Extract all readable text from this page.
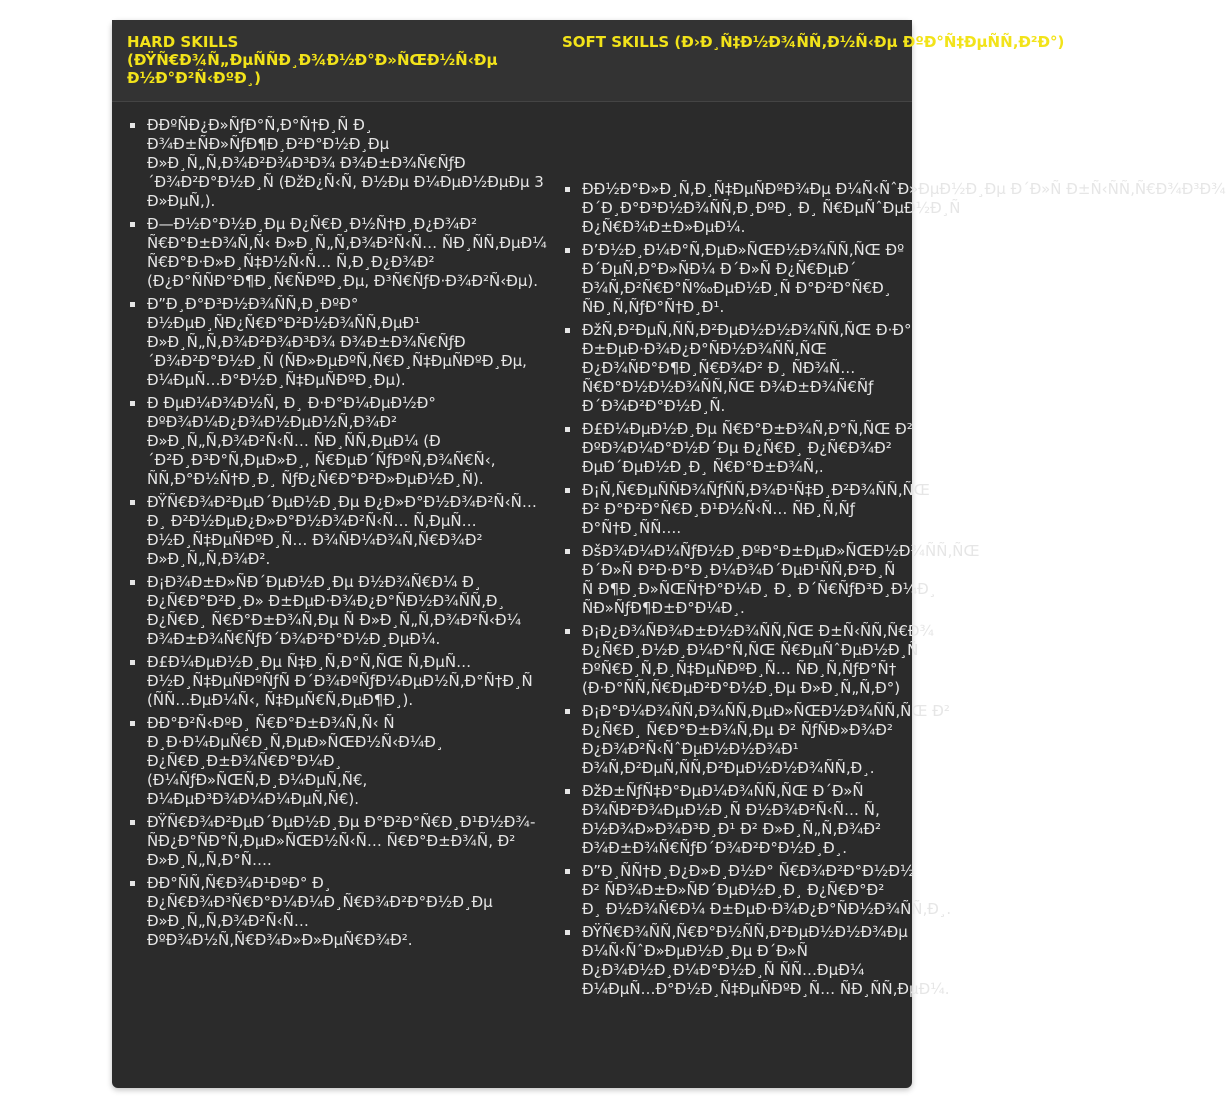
HARD SKILLS (ĐŸÑ€Đ¾Ñ„ĐµÑÑĐ¸Đ¾Đ½Đ°Đ»ÑŒĐ½Ñ‹Đµ Đ½Đ°Đ²Ñ‹ĐºĐ¸)
SOFT SKILLS (Đ›Đ¸Ñ‡Đ½Đ¾ÑÑ‚Đ½Ñ‹Đµ ĐºĐ°Ñ‡ĐµÑÑ‚Đ²Đ°)
ĐĐºÑĐ¿Đ»ÑƒĐ°Ñ‚Đ°Ñ†Đ¸Ñ Đ¸ Đ¾Đ±ÑĐ»ÑƒĐ¶Đ¸Đ²Đ°Đ½Đ¸Đµ Đ»Đ¸Ñ„Ñ‚Đ¾Đ²Đ¾Đ³Đ¾ Đ¾Đ±Đ¾Ñ€ÑƒĐ´Đ¾Đ²Đ°Đ½Đ¸Ñ (ĐžĐ¿Ñ‹Ñ‚ Đ½Đµ Đ¼ĐµĐ½ĐµĐµ 3 Đ»ĐµÑ‚).
Đ—Đ½Đ°Đ½Đ¸Đµ Đ¿Ñ€Đ¸Đ½Ñ†Đ¸Đ¿Đ¾Đ² Ñ€Đ°Đ±Đ¾Ñ‚Ñ‹ Đ»Đ¸Ñ„Ñ‚Đ¾Đ²Ñ‹Ñ… ÑĐ¸ÑÑ‚ĐµĐ¼ Ñ€Đ°Đ·Đ»Đ¸Ñ‡Đ½Ñ‹Ñ… Ñ‚Đ¸Đ¿Đ¾Đ² (Đ¿Đ°ÑÑĐ°Đ¶Đ¸Ñ€ÑĐºĐ¸Đµ, Đ³Ñ€ÑƒĐ·Đ¾Đ²Ñ‹Đµ).
Đ”Đ¸Đ°Đ³Đ½Đ¾ÑÑ‚Đ¸ĐºĐ° Đ½ĐµĐ¸ÑĐ¿Ñ€Đ°Đ²Đ½Đ¾ÑÑ‚ĐµĐ¹ Đ»Đ¸Ñ„Ñ‚Đ¾Đ²Đ¾Đ³Đ¾ Đ¾Đ±Đ¾Ñ€ÑƒĐ´Đ¾Đ²Đ°Đ½Đ¸Ñ (ÑĐ»ĐµĐºÑ‚Ñ€Đ¸Ñ‡ĐµÑĐºĐ¸Đµ, Đ¼ĐµÑ…Đ°Đ½Đ¸Ñ‡ĐµÑĐºĐ¸Đµ).
Đ ĐµĐ¼Đ¾Đ½Ñ‚ Đ¸ Đ·Đ°Đ¼ĐµĐ½Đ° ĐºĐ¾Đ¼Đ¿Đ¾Đ½ĐµĐ½Ñ‚Đ¾Đ² Đ»Đ¸Ñ„Ñ‚Đ¾Đ²Ñ‹Ñ… ÑĐ¸ÑÑ‚ĐµĐ¼ (Đ´Đ²Đ¸Đ³Đ°Ñ‚ĐµĐ»Đ¸, Ñ€ĐµĐ´ÑƒĐºÑ‚Đ¾Ñ€Ñ‹, ÑÑ‚Đ°Đ½Ñ†Đ¸Đ¸ ÑƒĐ¿Ñ€Đ°Đ²Đ»ĐµĐ½Đ¸Ñ).
ĐŸÑ€Đ¾Đ²ĐµĐ´ĐµĐ½Đ¸Đµ Đ¿Đ»Đ°Đ½Đ¾Đ²Ñ‹Ñ… Đ¸ Đ²Đ½ĐµĐ¿Đ»Đ°Đ½Đ¾Đ²Ñ‹Ñ… Ñ‚ĐµÑ…Đ½Đ¸Ñ‡ĐµÑĐºĐ¸Ñ… Đ¾ÑĐ¼Đ¾Ñ‚Ñ€Đ¾Đ² Đ»Đ¸Ñ„Ñ‚Đ¾Đ².
Đ¡Đ¾Đ±Đ»ÑĐ´ĐµĐ½Đ¸Đµ Đ½Đ¾Ñ€Đ¼ Đ¸ Đ¿Ñ€Đ°Đ²Đ¸Đ» Đ±ĐµĐ·Đ¾Đ¿Đ°ÑĐ½Đ¾ÑÑ‚Đ¸ Đ¿Ñ€Đ¸ Ñ€Đ°Đ±Đ¾Ñ‚Đµ Ñ Đ»Đ¸Ñ„Ñ‚Đ¾Đ²Ñ‹Đ¼ Đ¾Đ±Đ¾Ñ€ÑƒĐ´Đ¾Đ²Đ°Đ½Đ¸ĐµĐ¼.
Đ£Đ¼ĐµĐ½Đ¸Đµ Ñ‡Đ¸Ñ‚Đ°Ñ‚ÑŒ Ñ‚ĐµÑ…Đ½Đ¸Ñ‡ĐµÑĐºÑƒÑ Đ´Đ¾ĐºÑƒĐ¼ĐµĐ½Ñ‚Đ°Ñ†Đ¸Ñ (ÑÑ…ĐµĐ¼Ñ‹, Ñ‡ĐµÑ€Ñ‚ĐµĐ¶Đ¸).
ĐĐ°Đ²Ñ‹ĐºĐ¸ Ñ€Đ°Đ±Đ¾Ñ‚Ñ‹ Ñ Đ¸Đ·Đ¼ĐµÑ€Đ¸Ñ‚ĐµĐ»ÑŒĐ½Ñ‹Đ¼Đ¸ Đ¿Ñ€Đ¸Đ±Đ¾Ñ€Đ°Đ¼Đ¸ (Đ¼ÑƒĐ»ÑŒÑ‚Đ¸Đ¼ĐµÑ‚Ñ€, Đ¼ĐµĐ³Đ¾Đ¼Đ¼ĐµÑ‚Ñ€).
ĐŸÑ€Đ¾Đ²ĐµĐ´ĐµĐ½Đ¸Đµ Đ°Đ²Đ°Ñ€Đ¸Đ¹Đ½Đ¾-ÑĐ¿Đ°ÑĐ°Ñ‚ĐµĐ»ÑŒĐ½Ñ‹Ñ… Ñ€Đ°Đ±Đ¾Ñ‚ Đ² Đ»Đ¸Ñ„Ñ‚Đ°Ñ….
ĐĐ°ÑÑ‚Ñ€Đ¾Đ¹ĐºĐ° Đ¸ Đ¿Ñ€Đ¾Đ³Ñ€Đ°Đ¼Đ¼Đ¸Ñ€Đ¾Đ²Đ°Đ½Đ¸Đµ Đ»Đ¸Ñ„Ñ‚Đ¾Đ²Ñ‹Ñ… ĐºĐ¾Đ½Ñ‚Ñ€Đ¾Đ»Đ»ĐµÑ€Đ¾Đ².
ĐĐ½Đ°Đ»Đ¸Ñ‚Đ¸Ñ‡ĐµÑĐºĐ¾Đµ Đ¼Ñ‹ÑˆĐ»ĐµĐ½Đ¸Đµ Đ´Đ»Ñ Đ±Ñ‹ÑÑ‚Ñ€Đ¾Đ³Đ¾
Đ´Đ¸Đ°Đ³Đ½Đ¾ÑÑ‚Đ¸ĐºĐ¸ Đ¸ Ñ€ĐµÑˆĐµĐ½Đ¸Ñ
Đ¿Ñ€Đ¾Đ±Đ»ĐµĐ¼.
Đ’Đ½Đ¸Đ¼Đ°Ñ‚ĐµĐ»ÑŒĐ½Đ¾ÑÑ‚ÑŒ Đº
Đ´ĐµÑ‚Đ°Đ»ÑĐ¼ Đ´Đ»Ñ Đ¿Ñ€ĐµĐ´
Đ¾Ñ‚Đ²Ñ€Đ°Ñ‰ĐµĐ½Đ¸Ñ Đ°Đ²Đ°Ñ€Đ¸
ÑĐ¸Ñ‚ÑƒĐ°Ñ†Đ¸Đ¹.
ĐžÑ‚Đ²ĐµÑ‚ÑÑ‚Đ²ĐµĐ½Đ½Đ¾ÑÑ‚ÑŒ Đ·Đ°
Đ±ĐµĐ·Đ¾Đ¿Đ°ÑĐ½Đ¾ÑÑ‚ÑŒ
Đ¿Đ¾ÑĐ°Đ¶Đ¸Ñ€Đ¾Đ² Đ¸ ÑĐ¾Ñ…
Ñ€Đ°Đ½Đ½Đ¾ÑÑ‚ÑŒ Đ¾Đ±Đ¾Ñ€Ñƒ
Đ´Đ¾Đ²Đ°Đ½Đ¸Ñ.
Đ£Đ¼ĐµĐ½Đ¸Đµ Ñ€Đ°Đ±Đ¾Ñ‚Đ°Ñ‚ÑŒ Đ²
ĐºĐ¾Đ¼Đ°Đ½Đ´Đµ Đ¿Ñ€Đ¸ Đ¿Ñ€Đ¾Đ²
ĐµĐ´ĐµĐ½Đ¸Đ¸ Ñ€Đ°Đ±Đ¾Ñ‚.
Đ¡Ñ‚Ñ€ĐµÑÑĐ¾ÑƒÑÑ‚Đ¾Đ¹Ñ‡Đ¸Đ²Đ¾ÑÑ‚ÑŒ
Đ² Đ°Đ²Đ°Ñ€Đ¸Đ¹Đ½Ñ‹Ñ… ÑĐ¸Ñ‚Ñƒ
Đ°Ñ†Đ¸ÑÑ….
ĐšĐ¾Đ¼Đ¼ÑƒĐ½Đ¸ĐºĐ°Đ±ĐµĐ»ÑŒĐ½Đ¾ÑÑ‚ÑŒ
Đ´Đ»Ñ Đ²Đ·Đ°Đ¸Đ¼Đ¾Đ´ĐµĐ¹ÑÑ‚Đ²Đ¸Ñ
Ñ Đ¶Đ¸Đ»ÑŒÑ†Đ°Đ¼Đ¸ Đ¸ Đ´Ñ€ÑƒĐ³Đ¸Đ¼Đ¸
ÑĐ»ÑƒĐ¶Đ±Đ°Đ¼Đ¸.
Đ¡Đ¿Đ¾ÑĐ¾Đ±Đ½Đ¾ÑÑ‚ÑŒ Đ±Ñ‹ÑÑ‚Ñ€Đ¾
Đ¿Ñ€Đ¸Đ½Đ¸Đ¼Đ°Ñ‚ÑŒ Ñ€ĐµÑˆĐµĐ½Đ¸Ñ
ĐºÑ€Đ¸Ñ‚Đ¸Ñ‡ĐµÑĐºĐ¸Ñ… ÑĐ¸Ñ‚ÑƒĐ°Ñ†
(Đ·Đ°ÑÑ‚Ñ€ĐµĐ²Đ°Đ½Đ¸Đµ Đ»Đ¸Ñ„Ñ‚Đ°)
Đ¡Đ°Đ¼Đ¾ÑÑ‚Đ¾ÑÑ‚ĐµĐ»ÑŒĐ½Đ¾ÑÑ‚ÑŒ Đ²
Đ¿Ñ€Đ¸ Ñ€Đ°Đ±Đ¾Ñ‚Đµ Đ² ÑƒÑĐ»Đ¾Đ²
Đ¿Đ¾Đ²Ñ‹ÑˆĐµĐ½Đ½Đ¾Đ¹
Đ¾Ñ‚Đ²ĐµÑ‚ÑÑ‚Đ²ĐµĐ½Đ½Đ¾ÑÑ‚Đ¸.
ĐžĐ±ÑƒÑ‡Đ°ĐµĐ¼Đ¾ÑÑ‚ÑŒ Đ´Đ»Ñ
Đ¾ÑĐ²Đ¾ĐµĐ½Đ¸Ñ Đ½Đ¾Đ²Ñ‹Ñ… Ñ‚
Đ½Đ¾Đ»Đ¾Đ³Đ¸Đ¹ Đ² Đ»Đ¸Ñ„Ñ‚Đ¾Đ²
Đ¾Đ±Đ¾Ñ€ÑƒĐ´Đ¾Đ²Đ°Đ½Đ¸Đ¸.
Đ”Đ¸ÑÑ†Đ¸Đ¿Đ»Đ¸Đ½Đ° Ñ€Đ¾Đ²Đ°Đ½Đ½
Đ² ÑĐ¾Đ±Đ»ÑĐ´ĐµĐ½Đ¸Đ¸ Đ¿Ñ€Đ°Đ²
Đ¸ Đ½Đ¾Ñ€Đ¼ Đ±ĐµĐ·Đ¾Đ¿Đ°ÑĐ½Đ¾ÑÑ‚Đ¸.
ĐŸÑ€Đ¾ÑÑ‚Ñ€Đ°Đ½ÑÑ‚Đ²ĐµĐ½Đ½Đ¾Đµ
Đ¼Ñ‹ÑˆĐ»ĐµĐ½Đ¸Đµ Đ´Đ»Ñ
Đ¿Đ¾Đ½Đ¸Đ¼Đ°Đ½Đ¸Ñ ÑÑ…ĐµĐ¼
Đ¼ĐµÑ…Đ°Đ½Đ¸Ñ‡ĐµÑĐºĐ¸Ñ… ÑĐ¸ÑÑ‚ĐµĐ¼.
